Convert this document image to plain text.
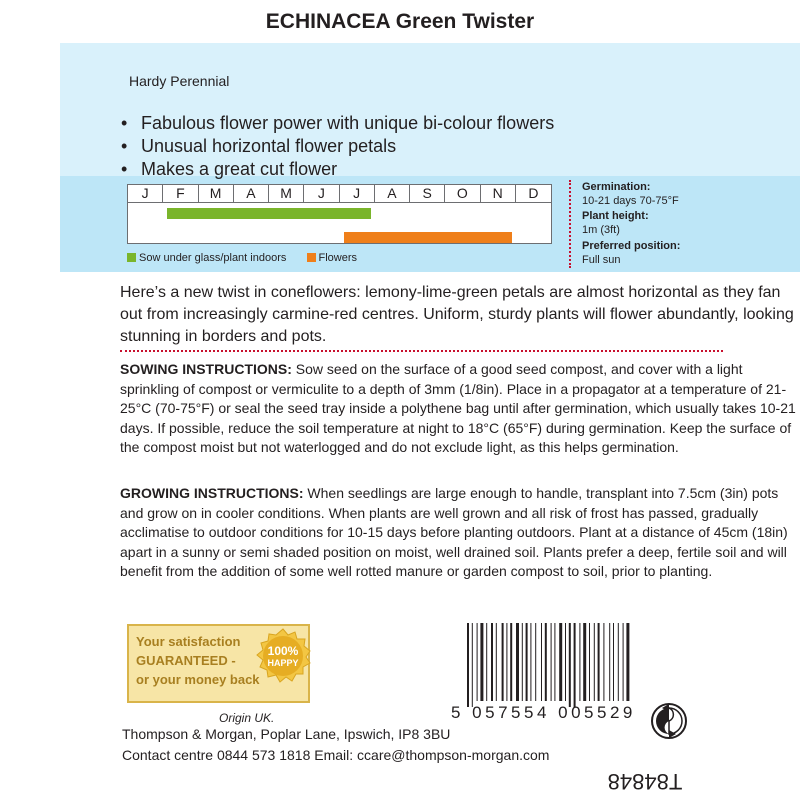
ECHINACEA Green Twister
Hardy Perennial
• Fabulous flower power with unique bi-colour flowers
• Unusual horizontal flower petals
• Makes a great cut flower
J	F	M	A	M	J	J	A	S	O	N	D
Sow under glass/plant indoors	Flowers
Germination:
10-21 days 70-75°F
Plant height:
1m (3ft)
Preferred position:
Full sun
Here’s a new twist in coneflowers: lemony-lime-green petals are almost horizontal as they fan out from increasingly carmine-red centres. Uniform, sturdy plants will flower abundantly, looking stunning in borders and pots.
SOWING INSTRUCTIONS: Sow seed on the surface of a good seed compost, and cover with a light sprinkling of compost or vermiculite to a depth of 3mm (1/8in). Place in a propagator at a temperature of 21-25°C (70-75°F) or seal the seed tray inside a polythene bag until after germination, which usually takes 10-21 days. If possible, reduce the soil temperature at night to 18°C (65°F) during germination. Keep the surface of the compost moist but not waterlogged and do not exclude light, as this helps germination.
GROWING INSTRUCTIONS: When seedlings are large enough to handle, transplant into 7.5cm (3in) pots and grow on in cooler conditions. When plants are well grown and all risk of frost has passed, gradually acclimatise to outdoor conditions for 10-15 days before planting outdoors. Plant at a distance of 45cm (18in) apart in a sunny or semi shaded position on moist, well drained soil. Plants prefer a deep, fertile soil and will benefit from the addition of some well rotted manure or garden compost to soil, prior to planting.
Your satisfaction
GUARANTEED -
or your money back
100%
HAPPY
Origin UK.
Thompson & Morgan, Poplar Lane, Ipswich, IP8 3BU
Contact centre 0844 573 1818 Email: ccare@thompson-morgan.com
5 057554 005529
T84848
